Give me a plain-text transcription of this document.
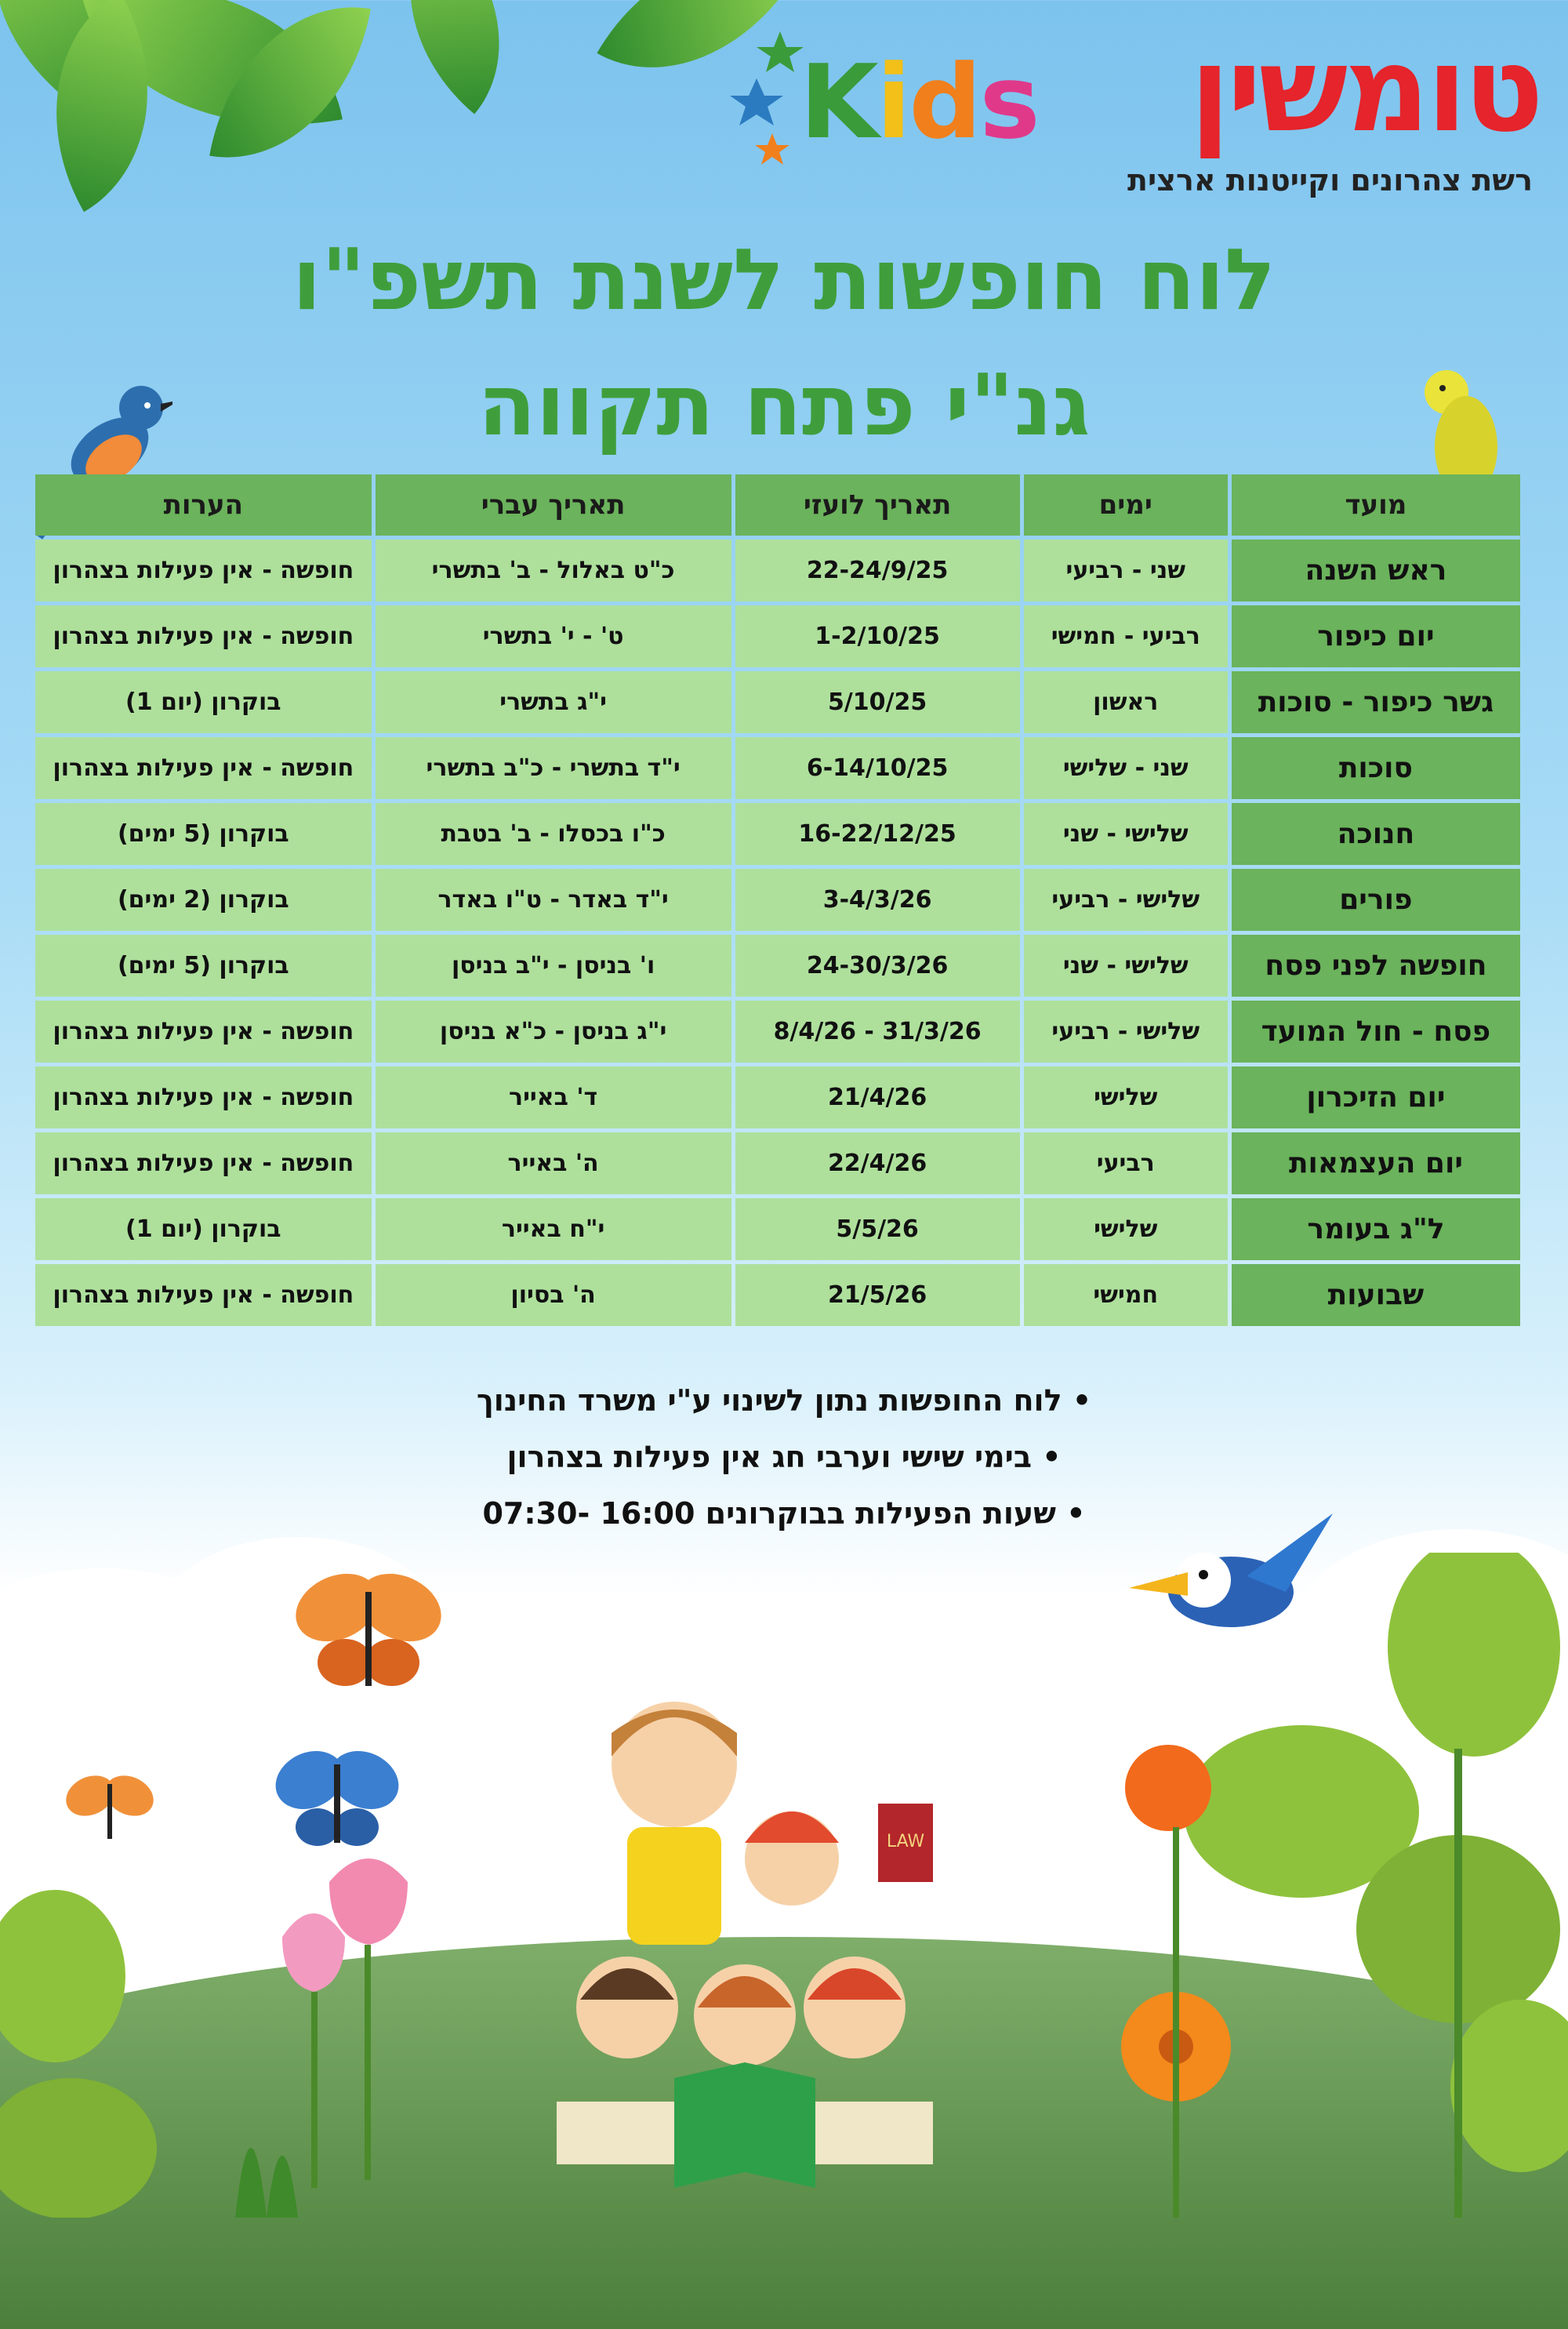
טומשין
Kids
רשת צהרונים וקייטנות ארצית
לוח חופשות לשנת תשפ"ו
גנ"י פתח תקווה
מועד	ימים	תאריך לועזי	תאריך עברי	הערות
ראש השנה	שני - רביעי	22-24/9/25	כ"ט באלול - ב' בתשרי	חופשה - אין פעילות בצהרון
יום כיפור	רביעי - חמישי	1-2/10/25	ט' - י' בתשרי	חופשה - אין פעילות בצהרון
גשר כיפור - סוכות	ראשון	5/10/25	י"ג בתשרי	בוקרון (יום 1)
סוכות	שני - שלישי	6-14/10/25	י"ד בתשרי - כ"ב בתשרי	חופשה - אין פעילות בצהרון
חנוכה	שלישי - שני	16-22/12/25	כ"ו בכסלו - ב' בטבת	בוקרון (5 ימים)
פורים	שלישי - רביעי	3-4/3/26	י"ד באדר - ט"ו באדר	בוקרון (2 ימים)
חופשה לפני פסח	שלישי - שני	24-30/3/26	ו' בניסן - י"ב בניסן	בוקרון (5 ימים)
פסח - חול המועד	שלישי - רביעי	31/3/26 - 8/4/26	י"ג בניסן - כ"א בניסן	חופשה - אין פעילות בצהרון
יום הזיכרון	שלישי	21/4/26	ד' באייר	חופשה - אין פעילות בצהרון
יום העצמאות	רביעי	22/4/26	ה' באייר	חופשה - אין פעילות בצהרון
ל"ג בעומר	שלישי	5/5/26	י"ח באייר	בוקרון (יום 1)
שבועות	חמישי	21/5/26	ה' בסיון	חופשה - אין פעילות בצהרון
• לוח החופשות נתון לשינוי ע"י משרד החינוך
• בימי שישי וערבי חג אין פעילות בצהרון
• שעות הפעילות בבוקרונים 16:00 -07:30
LAW
